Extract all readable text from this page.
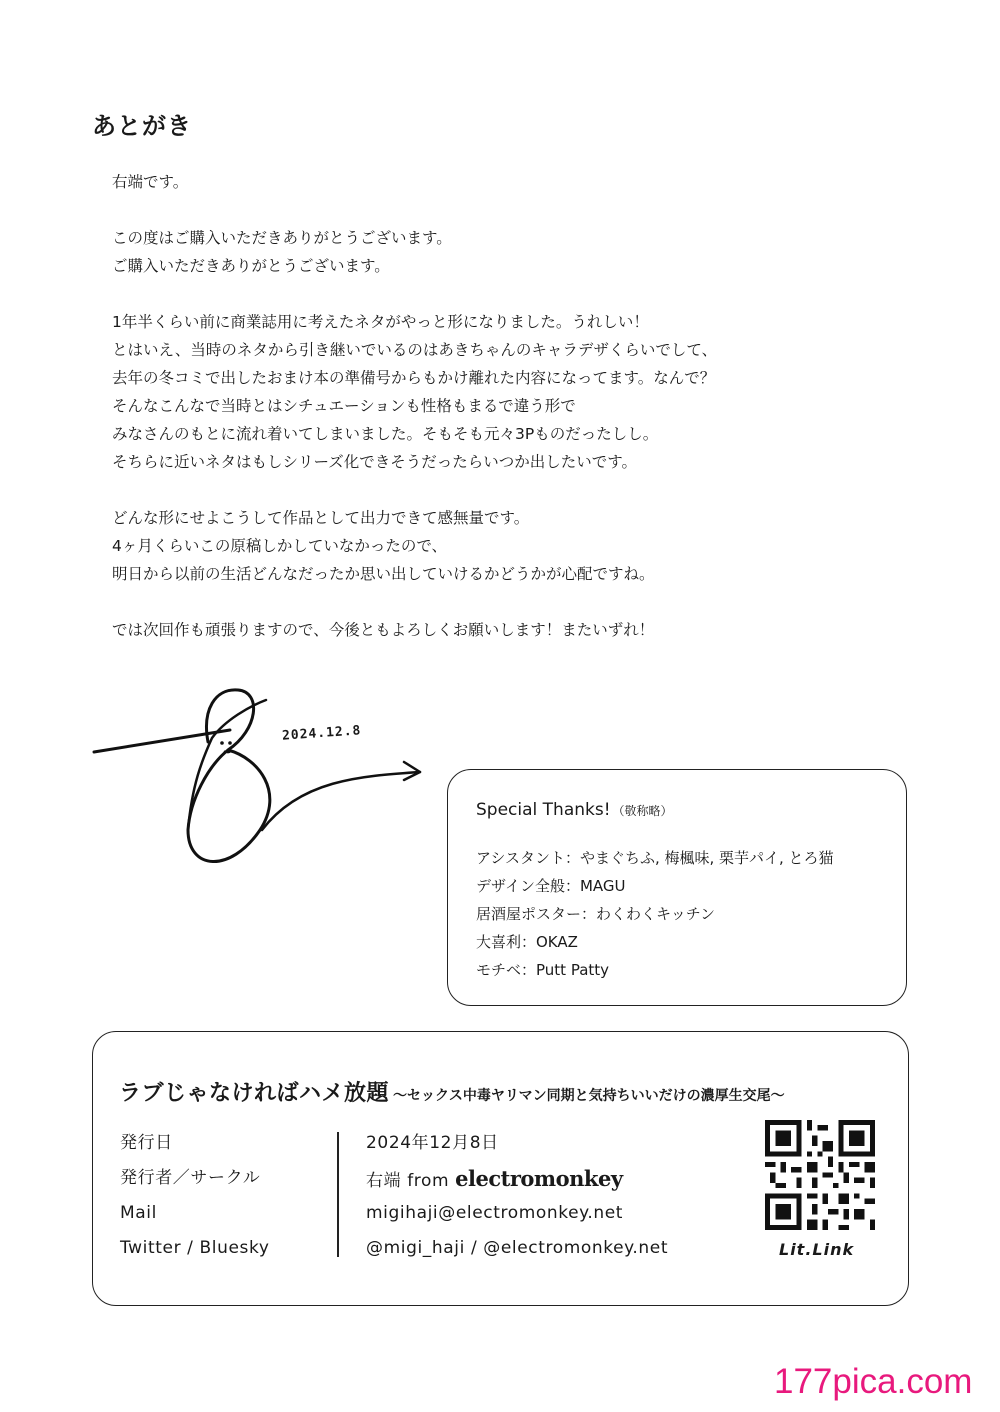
あとがき

右端です。

この度はご購入いただきありがとうございます。
ご購入いただきありがとうございます。

1年半くらい前に商業誌用に考えたネタがやっと形になりました。うれしい！
とはいえ、当時のネタから引き継いでいるのはあきちゃんのキャラデザくらいでして、
去年の冬コミで出したおまけ本の準備号からもかけ離れた内容になってます。なんで？
そんなこんなで当時とはシチュエーションも性格もまるで違う形で
みなさんのもとに流れ着いてしまいました。そもそも元々3Pものだったしし。
そちらに近いネタはもしシリーズ化できそうだったらいつか出したいです。

どんな形にせよこうして作品として出力できて感無量です。
4ヶ月くらいこの原稿しかしていなかったので、
明日から以前の生活どんなだったか思い出していけるかどうかが心配ですね。

では次回作も頑張りますので、今後ともよろしくお願いします！またいずれ！

2024.12.8
Special Thanks! （敬称略）
アシスタント：やまぐちふ, 梅楓味, 栗芋パイ, とろ猫
デザイン全般：MAGU
居酒屋ポスター：わくわくキッチン
大喜利：OKAZ
モチベ：Putt Patty
ラブじゃなければハメ放題 〜セックス中毒ヤリマン同期と気持ちいいだけの濃厚生交尾〜
発行日
発行者／サークル
Mail
Twitter / Bluesky
2024年12月8日
右端 from electromonkey
migihaji@electromonkey.net
@migi_haji / @electromonkey.net	Lit.Link
177pica.com
